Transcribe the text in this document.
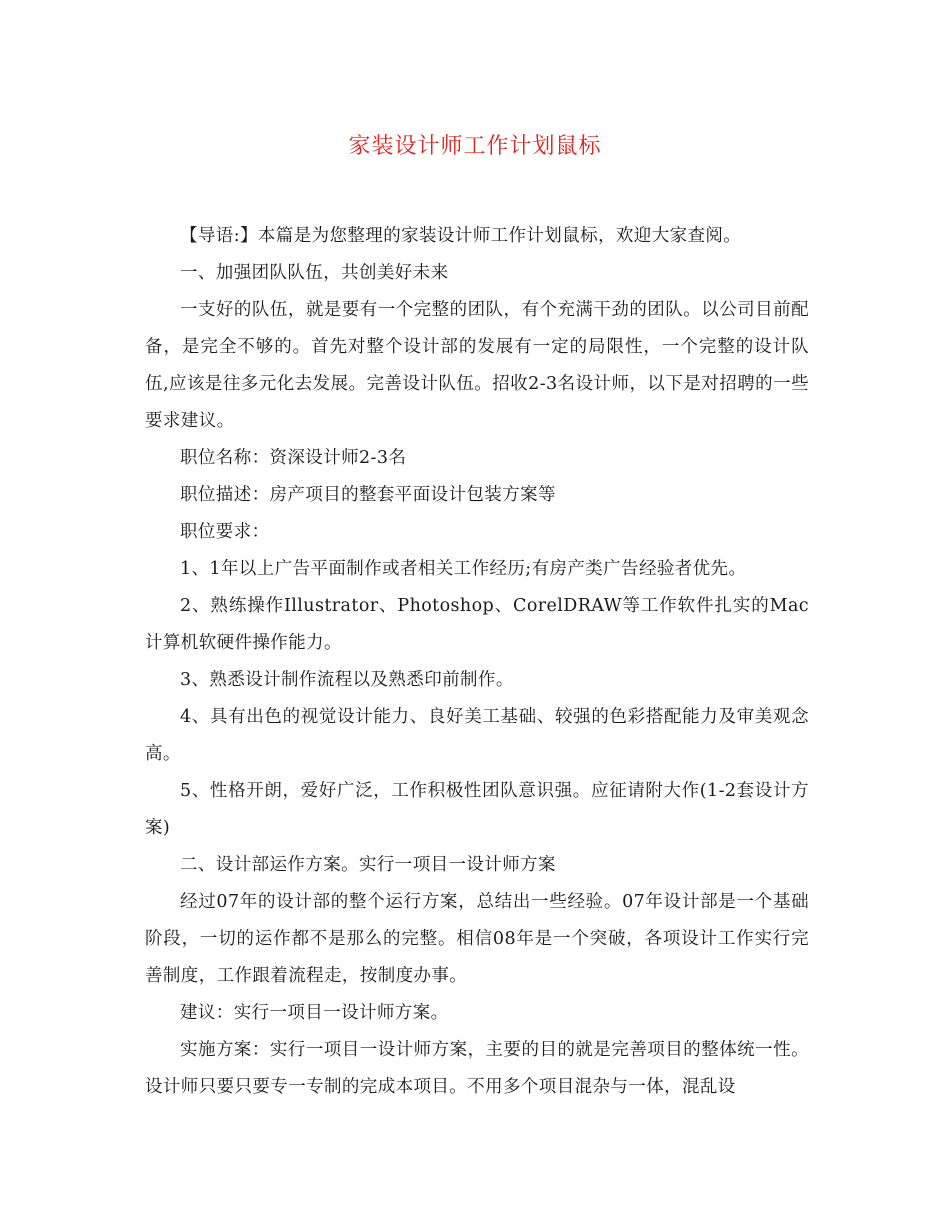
家装设计师工作计划鼠标

【导语:】本篇是为您整理的家装设计师工作计划鼠标，欢迎大家查阅。

一、加强团队队伍，共创美好未来

一支好的队伍，就是要有一个完整的团队，有个充满干劲的团队。以公司目前配备，是完全不够的。首先对整个设计部的发展有一定的局限性，一个完整的设计队伍,应该是往多元化去发展。完善设计队伍。招收2-3名设计师，以下是对招聘的一些要求建议。

职位名称：资深设计师2-3名

职位描述：房产项目的整套平面设计包装方案等

职位要求：

1、1年以上广告平面制作或者相关工作经历;有房产类广告经验者优先。

2、熟练操作Illustrator、Photoshop、CorelDRAW等工作软件扎实的Mac计算机软硬件操作能力。

3、熟悉设计制作流程以及熟悉印前制作。

4、具有出色的视觉设计能力、良好美工基础、较强的色彩搭配能力及审美观念高。

5、性格开朗，爱好广泛，工作积极性团队意识强。应征请附大作(1-2套设计方案)

二、设计部运作方案。实行一项目一设计师方案

经过07年的设计部的整个运行方案，总结出一些经验。07年设计部是一个基础阶段，一切的运作都不是那么的完整。相信08年是一个突破，各项设计工作实行完善制度，工作跟着流程走，按制度办事。

建议：实行一项目一设计师方案。

实施方案：实行一项目一设计师方案，主要的目的就是完善项目的整体统一性。设计师只要只要专一专制的完成本项目。不用多个项目混杂与一体，混乱设
